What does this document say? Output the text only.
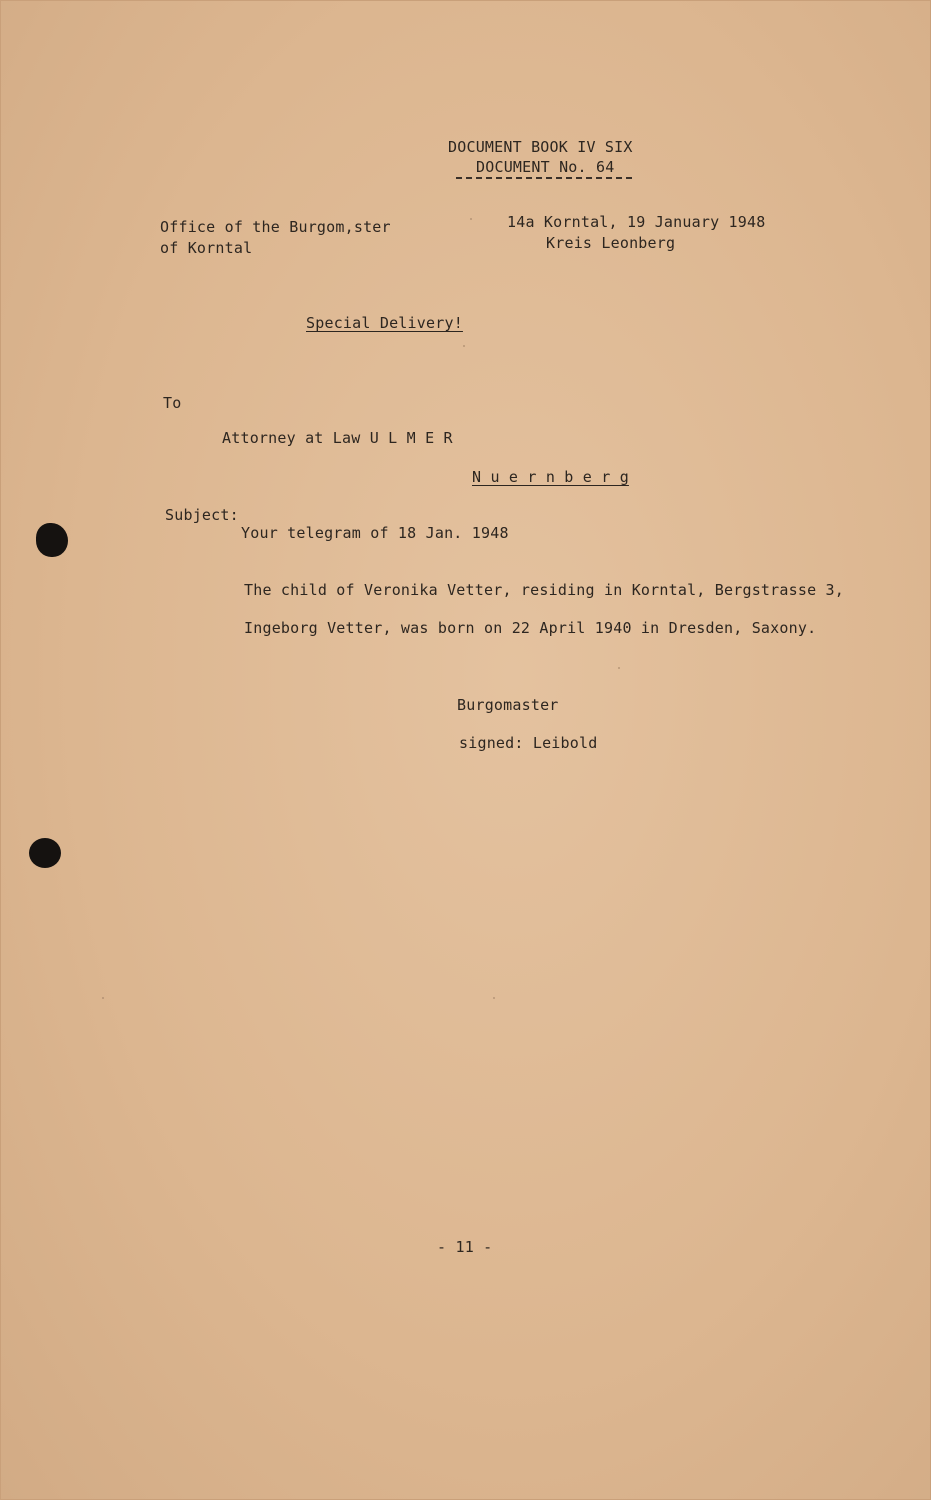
DOCUMENT BOOK IV SIX
DOCUMENT No. 64
Office of the Burgom,ster
of Korntal
14a Korntal, 19 January 1948
Kreis Leonberg
Special Delivery!
To
Attorney at Law U L M E R
N u e r n b e r g
Subject:
Your telegram of 18 Jan. 1948
The child of Veronika Vetter, residing in Korntal, Bergstrasse 3,
Ingeborg Vetter, was born on 22 April 1940 in Dresden, Saxony.
Burgomaster
signed: Leibold
- 11 -
